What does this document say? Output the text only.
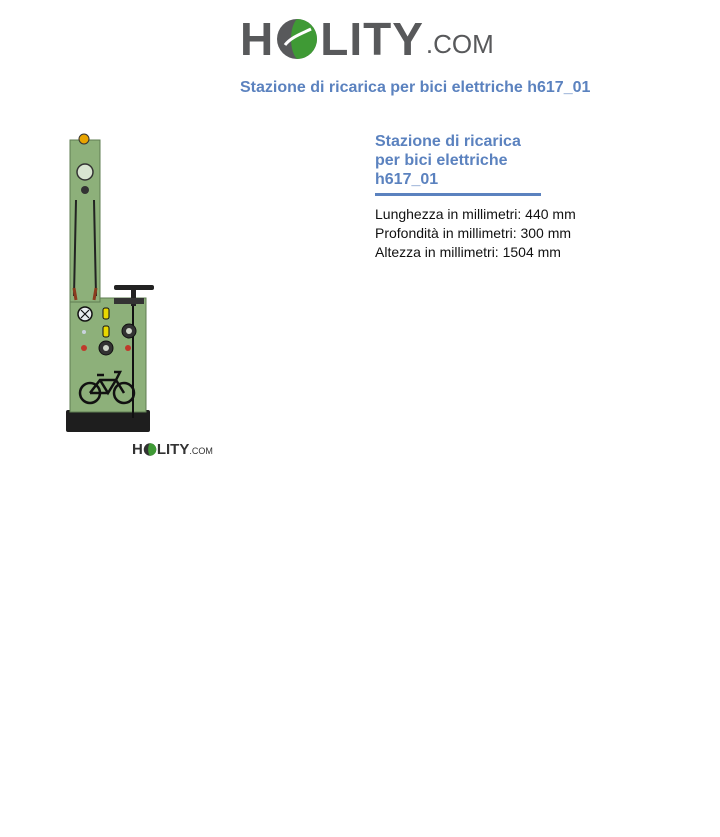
H LITY .COM
Stazione di ricarica per bici elettriche h617_01
H LITY .COM
Stazione di ricarica
per bici elettriche
h617_01
Lunghezza in millimetri: 440 mm
Profondità in millimetri: 300 mm
Altezza in millimetri: 1504 mm
